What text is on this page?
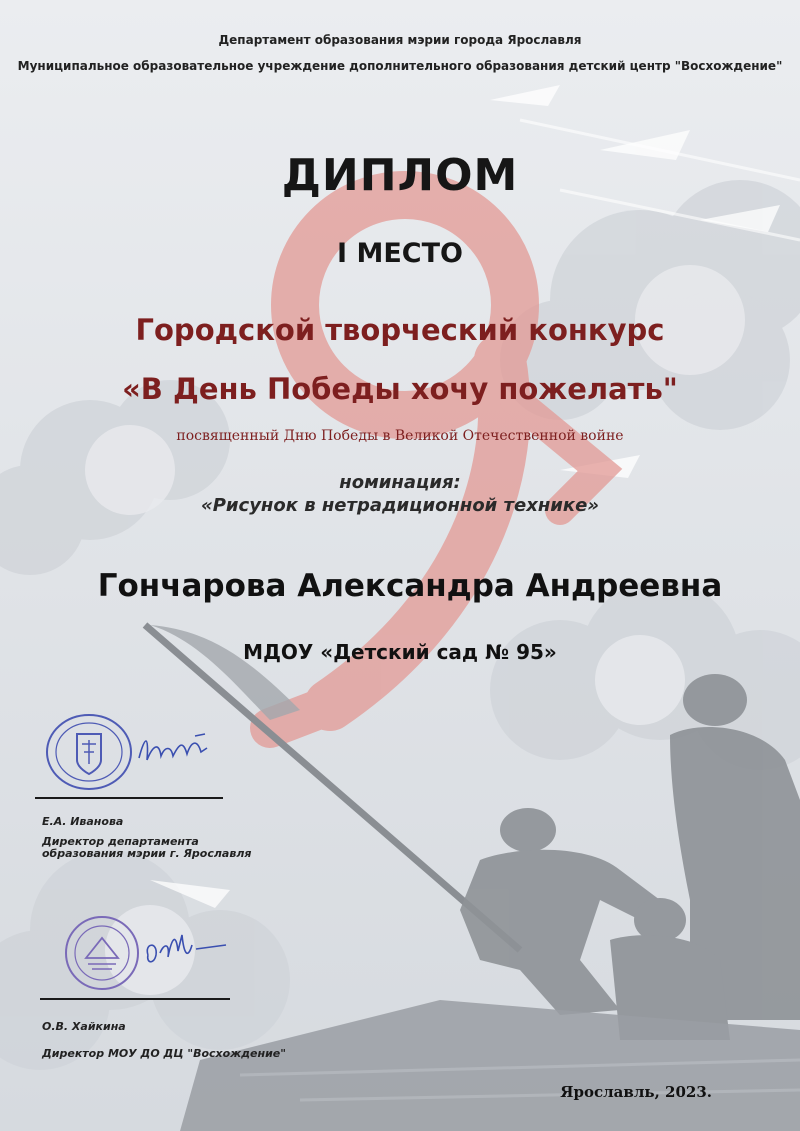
Департамент образования мэрии города Ярославля

Муниципальное образовательное учреждение дополнительного образования детский центр "Восхождение"

ДИПЛОМ

I МЕСТО

Городской творческий конкурс

«В День Победы хочу пожелать"

посвященный Дню Победы в Великой Отечественной войне

номинация:

«Рисунок в нетрадиционной технике»

Гончарова Александра Андреевна

МДОУ «Детский сад № 95»

Е.А. Иванова

Директор департамента образования мэрии г. Ярославля

О.В. Хайкина

Директор МОУ ДО ДЦ "Восхождение"

Ярославль, 2023.
